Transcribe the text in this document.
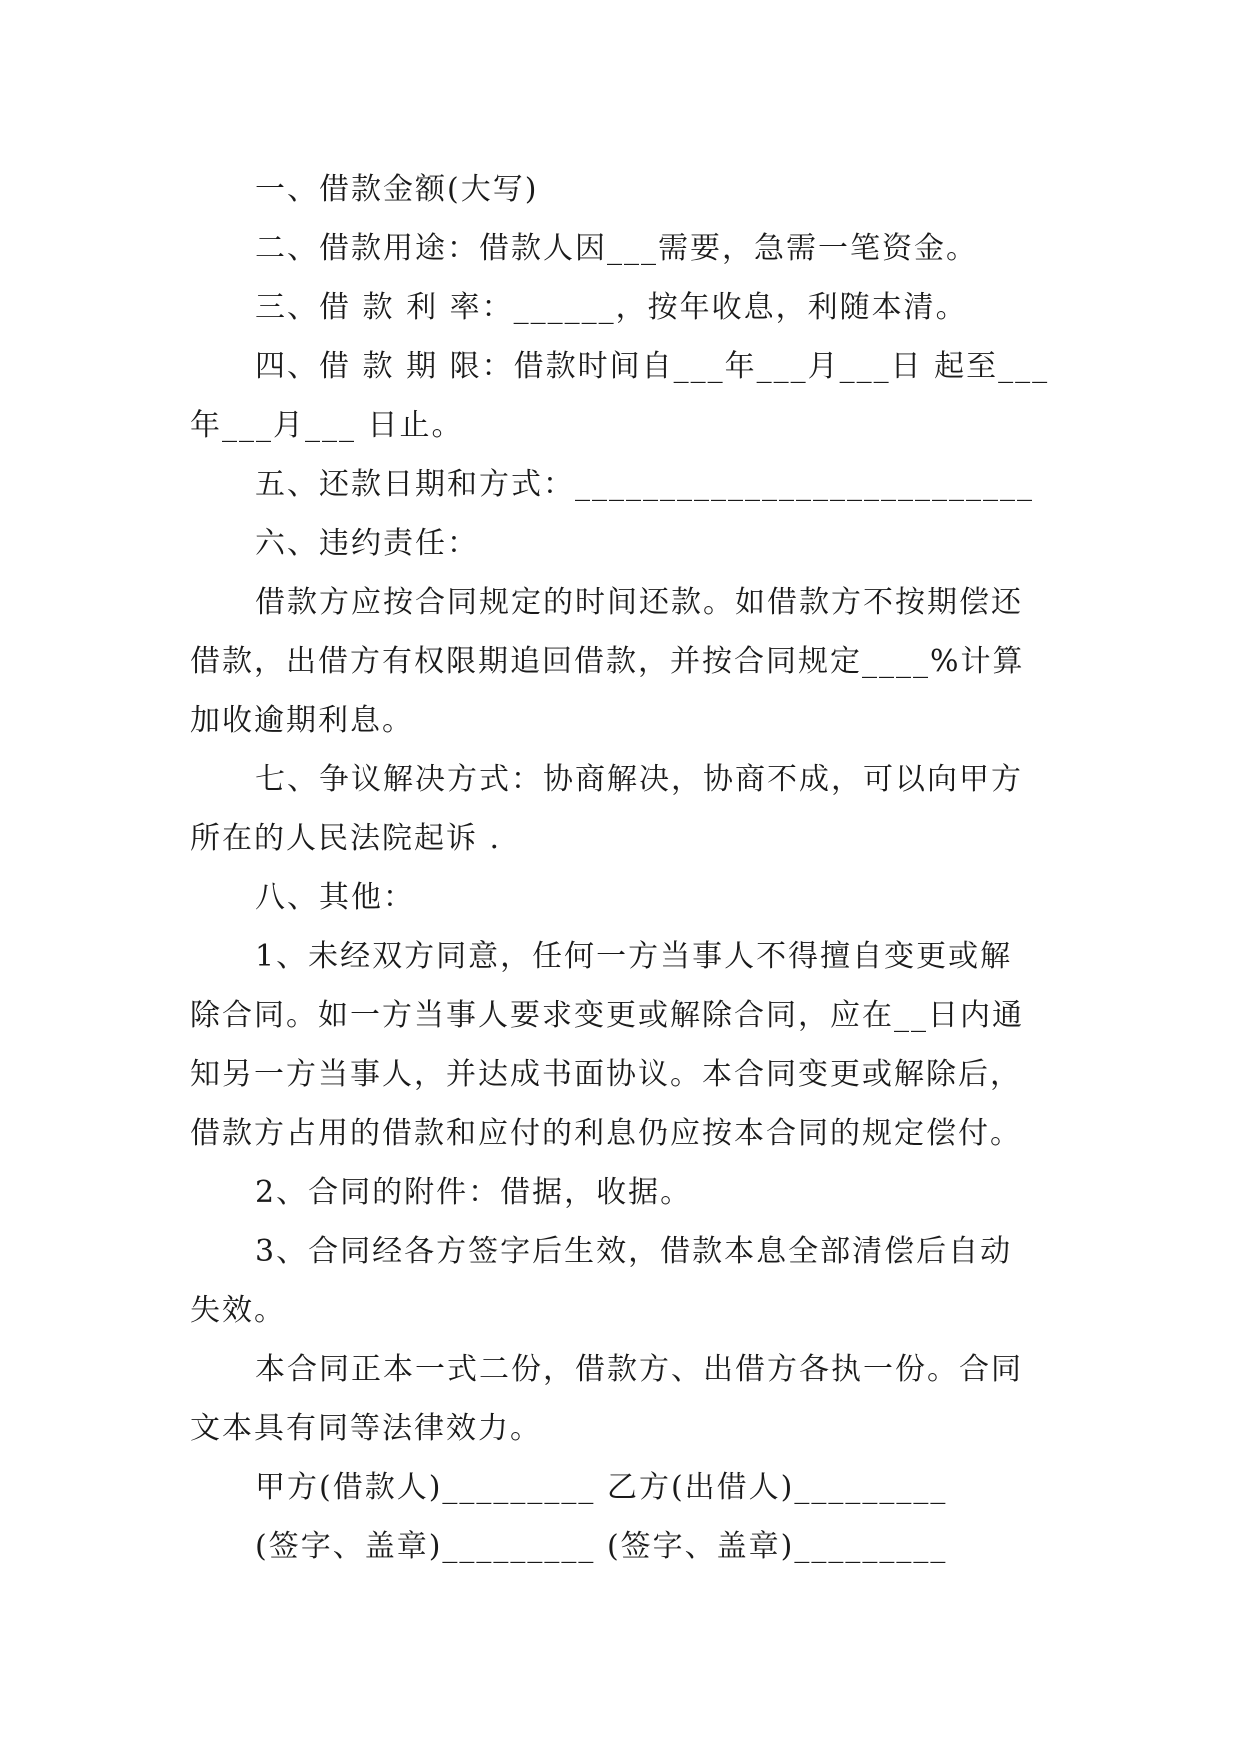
一、借款金额(大写)
二、借款用途：借款人因___需要，急需一笔资金。
三、借 款 利 率：______，按年收息，利随本清。
四、借 款 期 限：借款时间自___年___月___日 起至___
年___月___ 日止。
五、还款日期和方式：___________________________
六、违约责任：
借款方应按合同规定的时间还款。如借款方不按期偿还
借款，出借方有权限期追回借款，并按合同规定____%计算
加收逾期利息。
七、争议解决方式：协商解决，协商不成，可以向甲方
所在的人民法院起诉 .
八、其他：
1、未经双方同意，任何一方当事人不得擅自变更或解
除合同。如一方当事人要求变更或解除合同，应在__日内通
知另一方当事人，并达成书面协议。本合同变更或解除后，
借款方占用的借款和应付的利息仍应按本合同的规定偿付。
2、合同的附件：借据，收据。
3、合同经各方签字后生效，借款本息全部清偿后自动
失效。
本合同正本一式二份，借款方、出借方各执一份。合同
文本具有同等法律效力。
甲方(借款人)_________ 乙方(出借人)_________
(签字、盖章)_________ (签字、盖章)_________
